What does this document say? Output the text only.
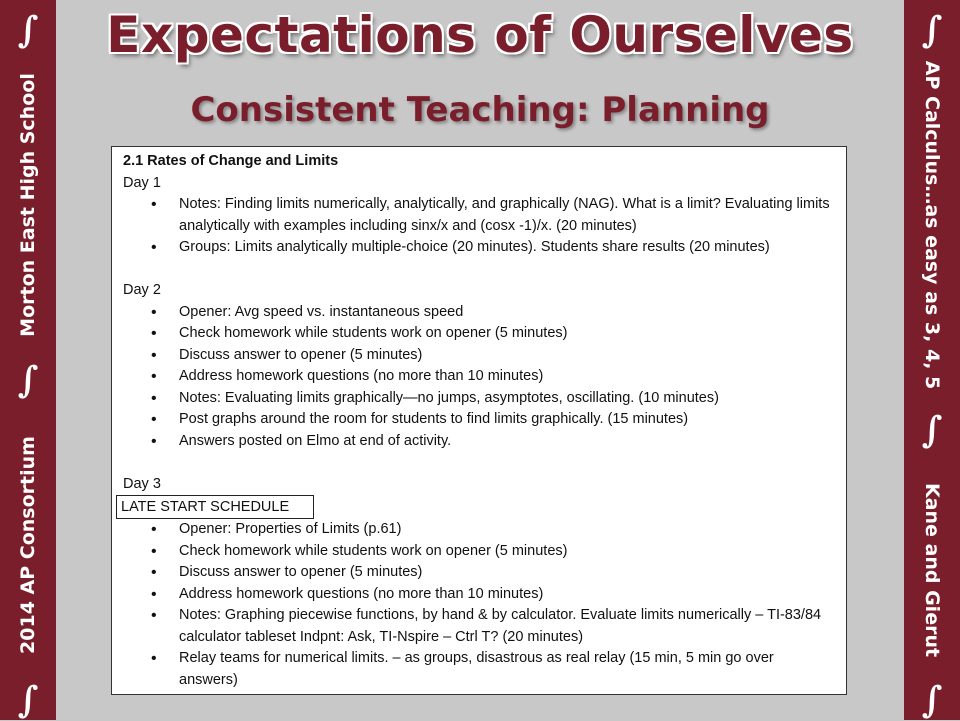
∫
Morton East High School
∫
2014 AP Consortium
∫
∫
AP Calculus…as easy as 3, 4, 5
∫
Kane and Gierut
∫
Expectations of Ourselves
Consistent Teaching: Planning
2.1 Rates of Change and Limits
Day 1
• Notes: Finding limits numerically, analytically, and graphically (NAG). What is a limit? Evaluating limits analytically with examples including sinx/x and (cosx -1)/x. (20 minutes)
• Groups: Limits analytically multiple-choice (20 minutes). Students share results (20 minutes)
Day 2
• Opener: Avg speed vs. instantaneous speed
• Check homework while students work on opener (5 minutes)
• Discuss answer to opener (5 minutes)
• Address homework questions (no more than 10 minutes)
• Notes: Evaluating limits graphically—no jumps, asymptotes, oscillating. (10 minutes)
• Post graphs around the room for students to find limits graphically. (15 minutes)
• Answers posted on Elmo at end of activity.
Day 3
LATE START SCHEDULE
• Opener: Properties of Limits (p.61)
• Check homework while students work on opener (5 minutes)
• Discuss answer to opener (5 minutes)
• Address homework questions (no more than 10 minutes)
• Notes: Graphing piecewise functions, by hand & by calculator. Evaluate limits numerically – TI-83/84 calculator tableset Indpnt: Ask, TI-Nspire – Ctrl T? (20 minutes)
• Relay teams for numerical limits. – as groups, disastrous as real relay (15 min, 5 min go over answers)
